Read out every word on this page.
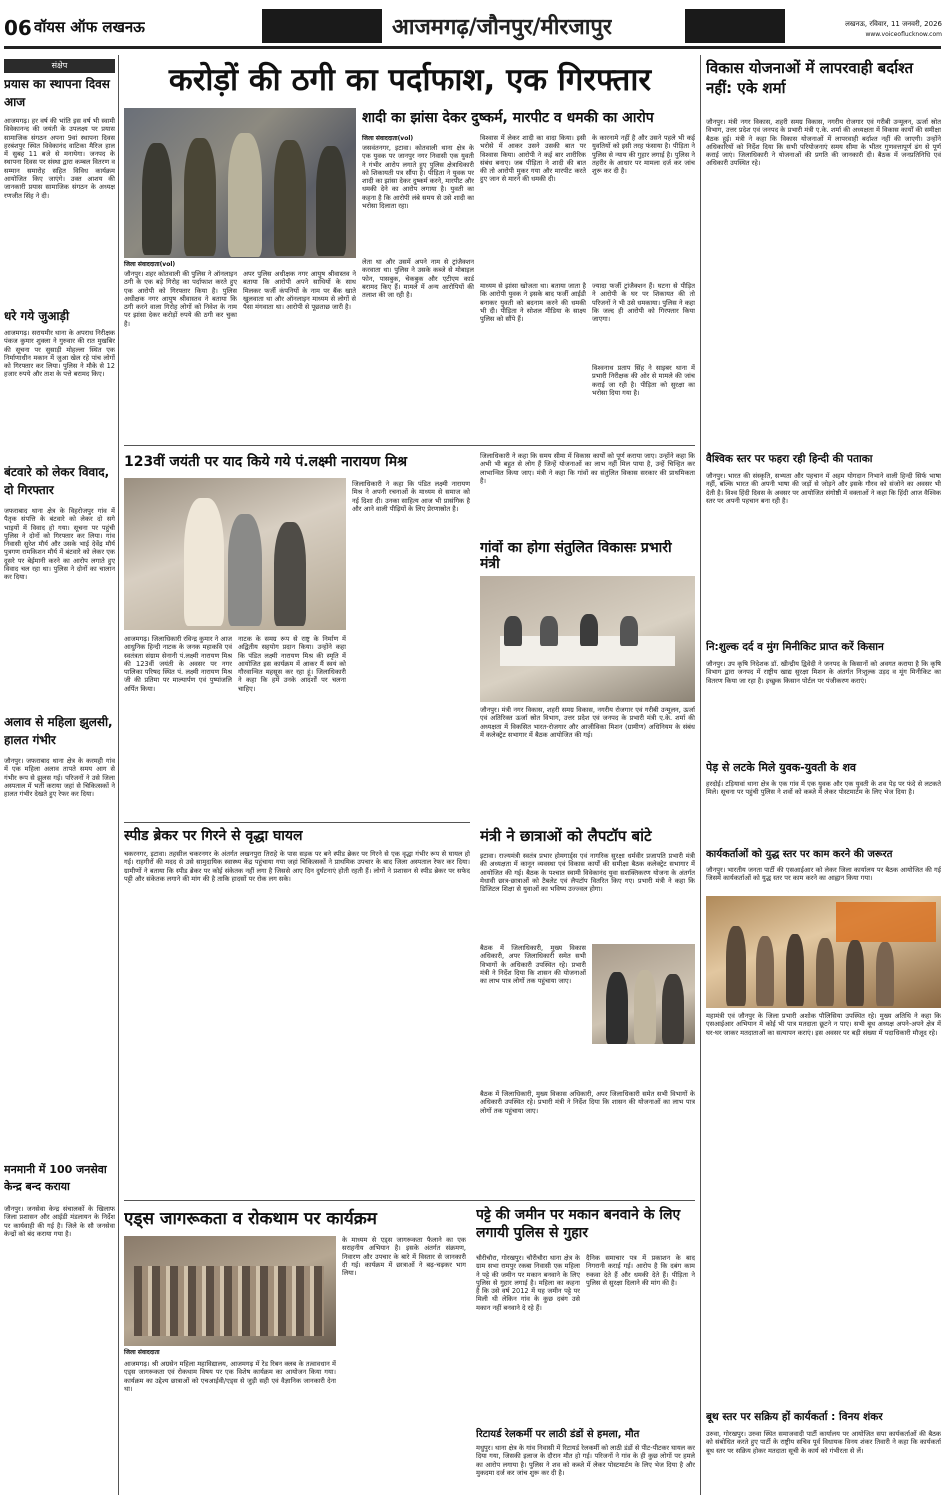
06 वॉयस ऑफ लखनऊ	आजमगढ़/जौनपुर/मीरजापुर	लखनऊ, रविवार, 11 जनवरी, 2026
www.voiceoflucknow.com
संक्षेप
प्रयास का स्थापना दिवस आज
आजमगढ़। हर वर्ष की भांति इस वर्ष भी स्वामी विवेकानन्द की जयंती के उपलक्ष्य पर प्रयास सामाजिक संगठन अपना 9वां स्थापना दिवस हरबंशपुर स्थित विवेकानंद वाटिका मैरिज हाल में सुबह 11 बजे से मनायेगा। जनपद के स्थापना दिवस पर संस्था द्वारा कम्बल वितरण व सम्मान समारोह सहित विविध कार्यक्रम आयोजित किए जाएंगे। उक्त आशय की जानकारी प्रयास सामाजिक संगठन के अध्यक्ष रणजीत सिंह ने दी।
धरे गये जुआड़ी
आजमगढ़। सरायमीर थाना के अपराध निरीक्षक पंकज कुमार शुक्ला ने गुरुवार की रात मुखबिर की सूचना पर सुसाड़ी मोहल्ला स्थित एक निर्माणाधीन मकान में जुआ खेल रहे पांच लोगों को गिरफ्तार कर लिया। पुलिस ने मौके से 12 हजार रुपये और ताश के पत्ते बरामद किए।
बंटवारे को लेकर विवाद, दो गिरफ्तार
जफराबाद थाना क्षेत्र के विहरोजपुर गांव में पैतृक संपत्ति के बंटवारे को लेकर दो सगे भाइयों में विवाद हो गया। सूचना पर पहुंची पुलिस ने दोनों को गिरफ्तार कर लिया। गांव निवासी सुरेश मौर्य और उसके भाई देवेंद्र मौर्य पुत्रगण रामकिशन मौर्य में बंटवारे को लेकर एक दूसरे पर बेईमानी करने का आरोप लगाते हुए विवाद चल रहा था। पुलिस ने दोनों का चालान कर दिया।
अलाव से महिला झुलसी, हालत गंभीर
जौनपुर। जफराबाद थाना क्षेत्र के करमही गांव में एक महिला अलाव तापते समय आग से गंभीर रूप से झुलस गई। परिजनों ने उसे जिला अस्पताल में भर्ती कराया जहां से चिकित्सकों ने हालत गंभीर देखते हुए रेफर कर दिया।
मनमानी में 100 जनसेवा केन्द्र बन्द कराया
जौनपुर। जनसेवा केन्द्र संचालकों के खिलाफ जिला प्रशासन और आईडी मंडलायन के निर्देश पर कार्यवाही की गई है। जिले के सौ जनसेवा केन्द्रों को बंद कराया गया है।
करोड़ों की ठगी का पर्दाफाश, एक गिरफ्तार
जिला संवाददाता(vol)
जौनपुर। शहर कोतवाली की पुलिस ने ऑनलाइन ठगी के एक बड़े गिरोह का पर्दाफाश करते हुए एक आरोपी को गिरफ्तार किया है। पुलिस अधीक्षक नगर आयुष श्रीवास्तव ने बताया कि ठगी करने वाला गिरोह लोगों को निवेश के नाम पर झांसा देकर करोड़ों रुपये की ठगी कर चुका है।
अपर पुलिस अधीक्षक नगर आयुष श्रीवास्तव ने बताया कि आरोपी अपने साथियों के साथ मिलकर फर्जी कंपनियों के नाम पर बैंक खाते खुलवाता था और ऑनलाइन माध्यम से लोगों से पैसा मंगवाता था। आरोपी से पूछताछ जारी है।
लेता था और उसमें अपने नाम से ट्रांजैक्शन करवाता था। पुलिस ने उसके कब्जे से मोबाइल फोन, पासबुक, चेकबुक और एटीएम कार्ड बरामद किए हैं। मामले में अन्य आरोपियों की तलाश की जा रही है।
शादी का झांसा देकर दुष्कर्म, मारपीट व धमकी का आरोप
जिला संवाददाता(vol)
जसवंतनगर, इटावा। कोतवाली थाना क्षेत्र के एक युवक पर जानपुर नगर निवासी एक युवती ने गंभीर आरोप लगाते हुए पुलिस क्षेत्राधिकारी को शिकायती पत्र सौंपा है। पीड़िता ने युवक पर शादी का झांसा देकर दुष्कर्म करने, मारपीट और धमकी देने का आरोप लगाया है। युवती का कहना है कि आरोपी लंबे समय से उसे शादी का भरोसा दिलाता रहा।
विश्वास में लेकर शादी का वादा किया। इसी भरोसे में आकर उसने उसकी बात पर विश्वास किया। आरोपी ने कई बार शारीरिक संबंध बनाए। जब पीड़िता ने शादी की बात की तो आरोपी मुकर गया और मारपीट करते हुए जान से मारने की धमकी दी।
के कारनामे नहीं है और उसने पहले भी कई युवतियों को इसी तरह फंसाया है। पीड़िता ने पुलिस से न्याय की गुहार लगाई है। पुलिस ने तहरीर के आधार पर मामला दर्ज कर जांच शुरू कर दी है।
माध्यम से झांसा खोजता था। बताया जाता है कि आरोपी युवक ने इसके बाद फर्जी आईडी बनाकर युवती को बदनाम करने की धमकी भी दी। पीड़िता ने सोशल मीडिया के साक्ष्य पुलिस को सौंपे हैं।
ज्यादा फर्जी ट्रांजैक्शन हैं। घटना से पीड़ित ने आरोपी के घर पर शिकायत की तो परिजनों ने भी उसे धमकाया। पुलिस ने कहा कि जल्द ही आरोपी को गिरफ्तार किया जाएगा।
विश्वनाथ प्रताप सिंह ने साइबर थाना में प्रभारी निरीक्षक की ओर से मामले की जांच कराई जा रही है। पीड़िता को सुरक्षा का भरोसा दिया गया है।
123वीं जयंती पर याद किये गये पं.लक्ष्मी नारायण मिश्र
आजमगढ़। जिलाधिकारी रविन्द्र कुमार ने आज आधुनिक हिन्दी नाटक के जनक महाकवि एवं स्वतंत्रता संग्राम सेनानी पं.लक्ष्मी नारायण मिश्र की 123वीं जयंती के अवसर पर नगर पालिका परिषद स्थित पं. लक्ष्मी नारायण मिश्र जी की प्रतिमा पर माल्यार्पण एवं पुष्पांजलि अर्पित किया।
नाटक के समग्र रूप से राष्ट्र के निर्माण में अद्वितीय सहयोग प्रदान किया। उन्होंने कहा कि पंडित लक्ष्मी नारायण मिश्र की स्मृति में आयोजित इस कार्यक्रम में आकर मैं स्वयं को गौरवान्वित महसूस कर रहा हूं। जिलाधिकारी ने कहा कि हमें उनके आदर्शों पर चलना चाहिए।
जिलाधिकारी ने कहा कि पंडित लक्ष्मी नारायण मिश्र ने अपनी रचनाओं के माध्यम से समाज को नई दिशा दी। उनका साहित्य आज भी प्रासंगिक है और आने वाली पीढ़ियों के लिए प्रेरणास्रोत है।
गांवों का होगा संतुलित विकासः प्रभारी मंत्री
जिलाधिकारी ने कहा कि समय सीमा में विकास कार्यों को पूर्ण कराया जाए। उन्होंने कहा कि अभी भी बहुत से लोग हैं जिन्हें योजनाओं का लाभ नहीं मिल पाया है, उन्हें चिन्हित कर लाभान्वित किया जाए। मंत्री ने कहा कि गांवों का संतुलित विकास सरकार की प्राथमिकता है।
जौनपुर। मंत्री नगर विकास, शहरी समग्र विकास, नगरीय रोजगार एवं गरीबी उन्मूलन, ऊर्जा एवं अतिरिक्त ऊर्जा स्रोत विभाग, उत्तर प्रदेश एवं जनपद के प्रभारी मंत्री ए.के. शर्मा की अध्यक्षता में विकसित भारत-रोजगार और आजीविका मिशन (ग्रामीण) अधिनियम के संबंध में कलेक्ट्रेट सभागार में बैठक आयोजित की गई।
स्पीड ब्रेकर पर गिरने से वृद्धा घायल
चकरनगर, इटावा। तहसील चकरनगर के अंतर्गत लखनपुरा तिराहे के पास सड़क पर बने स्पीड ब्रेकर पर गिरने से एक वृद्धा गंभीर रूप से घायल हो गई। राहगीरों की मदद से उसे सामुदायिक स्वास्थ्य केंद्र पहुंचाया गया जहां चिकित्सकों ने प्राथमिक उपचार के बाद जिला अस्पताल रेफर कर दिया। ग्रामीणों ने बताया कि स्पीड ब्रेकर पर कोई संकेतक नहीं लगा है जिससे आए दिन दुर्घटनाएं होती रहती हैं। लोगों ने प्रशासन से स्पीड ब्रेकर पर सफेद पट्टी और संकेतक लगाने की मांग की है ताकि हादसों पर रोक लग सके।
मंत्री ने छात्राओं को लैपटॉप बांटे
इटावा। राज्यमंत्री स्वतंत्र प्रभार होमगार्ड्स एवं नागरिक सुरक्षा धर्मवीर प्रजापति प्रभारी मंत्री की अध्यक्षता में कानून व्यवस्था एवं विकास कार्यों की समीक्षा बैठक कलेक्ट्रेट सभागार में आयोजित की गई। बैठक के पश्चात स्वामी विवेकानंद युवा सशक्तिकरण योजना के अंतर्गत मेधावी छात्र-छात्राओं को टैबलेट एवं लैपटॉप वितरित किए गए। प्रभारी मंत्री ने कहा कि डिजिटल शिक्षा से युवाओं का भविष्य उज्ज्वल होगा।
बैठक में जिलाधिकारी, मुख्य विकास अधिकारी, अपर जिलाधिकारी समेत सभी विभागों के अधिकारी उपस्थित रहे। प्रभारी मंत्री ने निर्देश दिया कि शासन की योजनाओं का लाभ पात्र लोगों तक पहुंचाया जाए।
बैठक में जिलाधिकारी, मुख्य विकास अधिकारी, अपर जिलाधिकारी समेत सभी विभागों के अधिकारी उपस्थित रहे। प्रभारी मंत्री ने निर्देश दिया कि शासन की योजनाओं का लाभ पात्र लोगों तक पहुंचाया जाए।
एड्स जागरूकता व रोकथाम पर कार्यक्रम
जिला संवाददाता
आजमगढ़। श्री अग्रसेन महिला महाविद्यालय, आजमगढ़ में रेड रिबन क्लब के तत्वावधान में एड्स जागरूकता एवं रोकथाम विषय पर एक विशेष कार्यक्रम का आयोजन किया गया। कार्यक्रम का उद्देश्य छात्राओं को एचआईवी/एड्स से जुड़ी सही एवं वैज्ञानिक जानकारी देना था।
के माध्यम से एड्स जागरूकता फैलाने का एक सराहनीय अभियान है। इसके अंतर्गत संक्रमण, निवारण और उपचार के बारे में विस्तार से जानकारी दी गई। कार्यक्रम में छात्राओं ने बढ़-चढ़कर भाग लिया।
पट्टे की जमीन पर मकान बनवाने के लिए लगायी पुलिस से गुहार
चौरीचौरा, गोरखपुर। चौरीचौरा थाना क्षेत्र के ग्राम सभा रामपुर रकबा निवासी एक महिला ने पट्टे की जमीन पर मकान बनवाने के लिए पुलिस से गुहार लगाई है। महिला का कहना है कि उसे वर्ष 2012 में यह जमीन पट्टे पर मिली थी लेकिन गांव के कुछ दबंग उसे मकान नहीं बनवाने दे रहे हैं।
दैनिक समाचार पत्र में प्रकाशन के बाद निगरानी कराई गई। आरोप है कि दबंग काम रुकवा देते हैं और धमकी देते हैं। पीड़िता ने पुलिस से सुरक्षा दिलाने की मांग की है।
रिटायर्ड रेलकर्मी पर लाठी डंडों से हमला, मौत
मधुपुर। थाना क्षेत्र के गांव निवासी में रिटायर्ड रेलकर्मी को लाठी डंडों से पीट-पीटकर घायल कर दिया गया, जिसकी इलाज के दौरान मौत हो गई। परिजनों ने गांव के ही कुछ लोगों पर हमले का आरोप लगाया है। पुलिस ने शव को कब्जे में लेकर पोस्टमार्टम के लिए भेज दिया है और मुकदमा दर्ज कर जांच शुरू कर दी है।
विकास योजनाओं में लापरवाही बर्दाश्त नहीं: एके शर्मा
जौनपुर। मंत्री नगर विकास, शहरी समग्र विकास, नगरीय रोजगार एवं गरीबी उन्मूलन, ऊर्जा स्रोत विभाग, उत्तर प्रदेश एवं जनपद के प्रभारी मंत्री ए.के. शर्मा की अध्यक्षता में विकास कार्यों की समीक्षा बैठक हुई। मंत्री ने कहा कि विकास योजनाओं में लापरवाही बर्दाश्त नहीं की जाएगी। उन्होंने अधिकारियों को निर्देश दिया कि सभी परियोजनाएं समय सीमा के भीतर गुणवत्तापूर्ण ढंग से पूर्ण कराई जाएं। जिलाधिकारी ने योजनाओं की प्रगति की जानकारी दी। बैठक में जनप्रतिनिधि एवं अधिकारी उपस्थित रहे।
वैश्विक स्तर पर फहरा रही हिन्दी की पताका
जौनपुर। भारत की संस्कृति, सभ्यता और पहचान में अहम योगदान निभाने वाली हिन्दी सिर्फ भाषा नहीं, बल्कि भारत की अपनी भाषा की जड़ों से जोड़ने और इसके गौरव को संजोने का अवसर भी देती है। विश्व हिंदी दिवस के अवसर पर आयोजित संगोष्ठी में वक्ताओं ने कहा कि हिंदी आज वैश्विक स्तर पर अपनी पहचान बना रही है।
नि:शुल्क दर्द व मुंग मिनीकिट प्राप्त करें किसान
जौनपुर। उप कृषि निदेशक डॉ. खीन्द्रीय द्विवेदी ने जनपद के किसानों को अवगत कराया है कि कृषि विभाग द्वारा जनपद में राष्ट्रीय खाद्य सुरक्षा मिशन के अंतर्गत निःशुल्क उड़द व मूंग मिनीकिट का वितरण किया जा रहा है। इच्छुक किसान पोर्टल पर पंजीकरण कराएं।
पेड़ से लटके मिले युवक-युवती के शव
हरदोई। टड़ियावां थाना क्षेत्र के एक गांव में एक युवक और एक युवती के शव पेड़ पर फंदे से लटकते मिले। सूचना पर पहुंची पुलिस ने शवों को कब्जे में लेकर पोस्टमार्टम के लिए भेज दिया है।
कार्यकर्ताओं को युद्ध स्तर पर काम करने की जरूरत
जौनपुर। भारतीय जनता पार्टी की एसआईआर को लेकर जिला कार्यालय पर बैठक आयोजित की गई जिसमें कार्यकर्ताओं को युद्ध स्तर पर काम करने का आह्वान किया गया।
महामंत्री एवं जौनपुर के जिला प्रभारी अशोक पौलिसिया उपस्थित रहे। मुख्य अतिथि ने कहा कि एसआईआर अभियान में कोई भी पात्र मतदाता छूटने न पाए। सभी बूथ अध्यक्ष अपने-अपने क्षेत्र में घर-घर जाकर मतदाताओं का सत्यापन कराएं। इस अवसर पर बड़ी संख्या में पदाधिकारी मौजूद रहे।
बूथ स्तर पर सक्रिय हों कार्यकर्ता : विनय शंकर
उरुवा, गोरखपुर। उरुवा स्थित समाजवादी पार्टी कार्यालय पर आयोजित सपा कार्यकर्ताओं की बैठक को संबोधित करते हुए पार्टी के राष्ट्रीय सचिव पूर्व विधायक विनय शंकर तिवारी ने कहा कि कार्यकर्ता बूथ स्तर पर सक्रिय होकर मतदाता सूची के कार्य को गंभीरता से लें।
